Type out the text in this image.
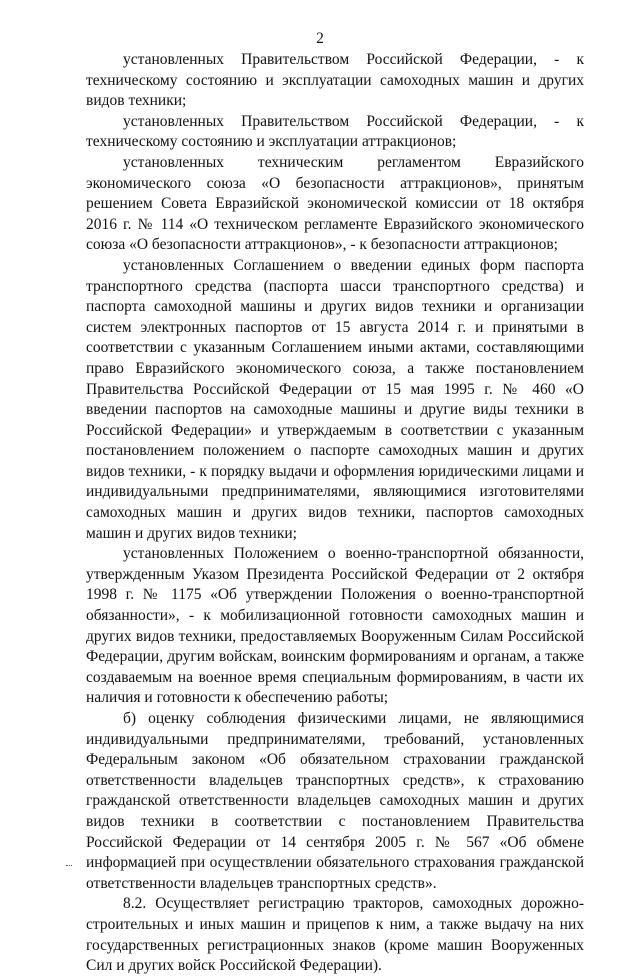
2

установленных Правительством Российской Федерации, - к техническому состоянию и эксплуатации самоходных машин и других видов техники;

установленных Правительством Российской Федерации, - к техническому состоянию и эксплуатации аттракционов;

установленных техническим регламентом Евразийского экономического союза «О безопасности аттракционов», принятым решением Совета Евразийской экономической комиссии от 18 октября 2016 г. № 114 «О техническом регламенте Евразийского экономического союза «О безопасности аттракционов», - к безопасности аттракционов;

установленных Соглашением о введении единых форм паспорта транспортного средства (паспорта шасси транспортного средства) и паспорта самоходной машины и других видов техники и организации систем электронных паспортов от 15 августа 2014 г. и принятыми в соответствии с указанным Соглашением иными актами, составляющими право Евразийского экономического союза, а также постановлением Правительства Российской Федерации от 15 мая 1995 г. № 460 «О введении паспортов на самоходные машины и другие виды техники в Российской Федерации» и утверждаемым в соответствии с указанным постановлением положением о паспорте самоходных машин и других видов техники, - к порядку выдачи и оформления юридическими лицами и индивидуальными предпринимателями, являющимися изготовителями самоходных машин и других видов техники, паспортов самоходных машин и других видов техники;

установленных Положением о военно-транспортной обязанности, утвержденным Указом Президента Российской Федерации от 2 октября 1998 г. № 1175 «Об утверждении Положения о военно-транспортной обязанности», - к мобилизационной готовности самоходных машин и других видов техники, предоставляемых Вооруженным Силам Российской Федерации, другим войскам, воинским формированиям и органам, а также создаваемым на военное время специальным формированиям, в части их наличия и готовности к обеспечению работы;

б) оценку соблюдения физическими лицами, не являющимися индивидуальными предпринимателями, требований, установленных Федеральным законом «Об обязательном страховании гражданской ответственности владельцев транспортных средств», к страхованию гражданской ответственности владельцев самоходных машин и других видов техники в соответствии с постановлением Правительства Российской Федерации от 14 сентября 2005 г. № 567 «Об обмене информацией при осуществлении обязательного страхования гражданской ответственности владельцев транспортных средств».

8.2. Осуществляет регистрацию тракторов, самоходных дорожно-строительных и иных машин и прицепов к ним, а также выдачу на них государственных регистрационных знаков (кроме машин Вооруженных Сил и других войск Российской Федерации).
